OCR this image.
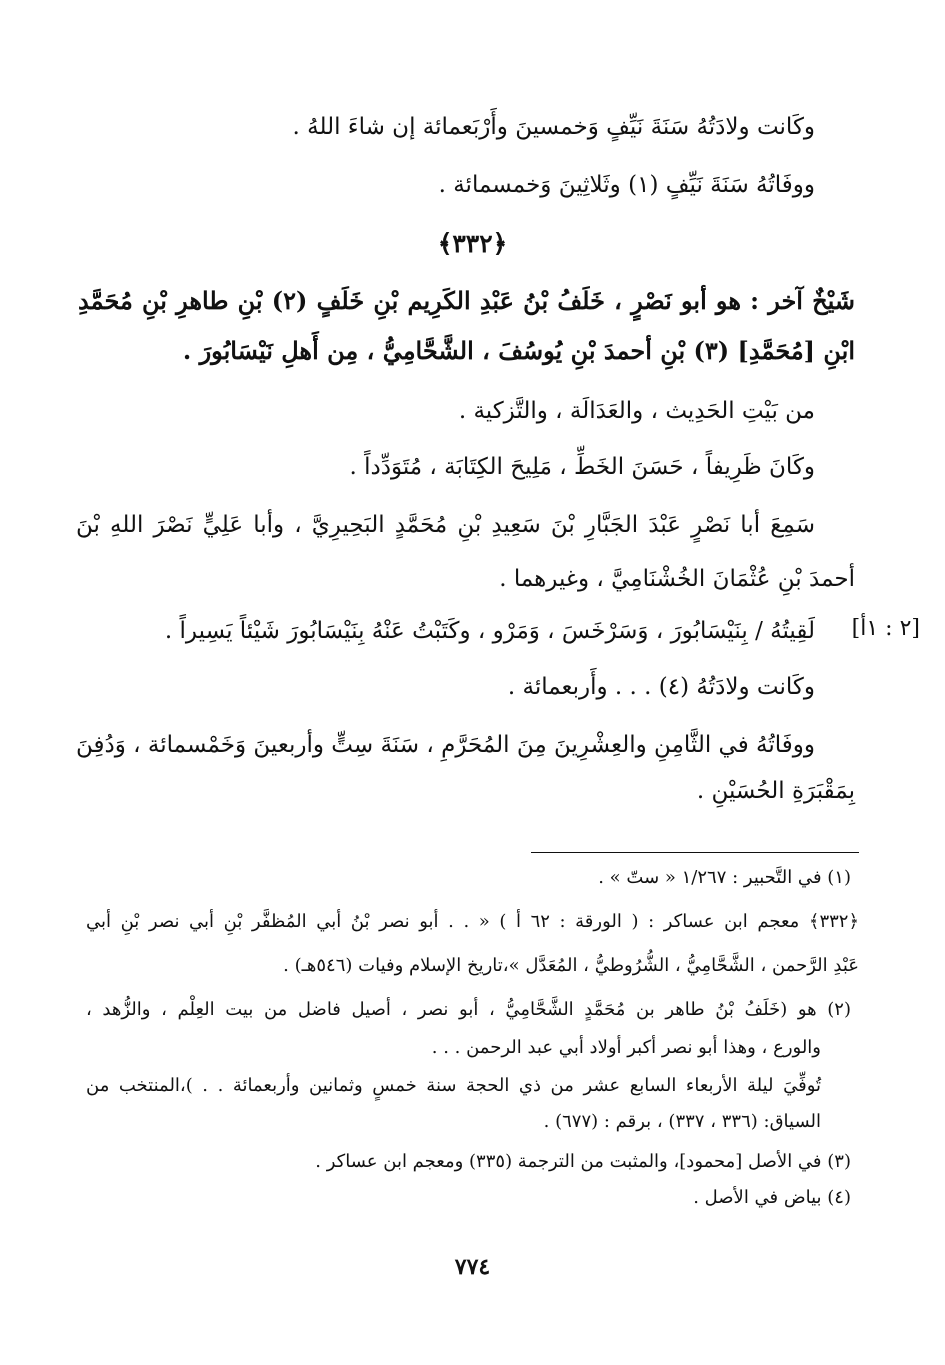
وكَانت ولادَتُهُ سَنَةَ نَيِّفٍ وَخمسينَ وأَرْبَعمائة إن شاءَ اللهُ .
ووفَاتُهُ سَنَةَ نَيِّفٍ (١) وثَلاثِينَ وَخمسمائة .
﴿٣٣٢﴾
شَيْخٌ آخر : هو أبو نَصْرٍ ، خَلَفُ بْنُ عَبْدِ الكَرِيم بْنِ خَلَفٍ (٢) بْنِ طاهرِ بْنِ مُحَمَّدِ
ابْنِ [مُحَمَّدِ] (٣) بْنِ أحمدَ بْنِ يُوسُفَ ، الشَّحَّامِيُّ ، مِن أَهلِ نَيْسَابُورَ .
من بَيْتِ الحَدِيث ، والعَدَالَة ، والتَّزكية .
وكَانَ ظَرِيفاً ، حَسَنَ الخَطِّ ، مَلِيحَ الكِتَابَة ، مُتَوَدِّداً .
سَمِعَ أبا نَصْرٍ عَبْدَ الجَبَّارِ بْنَ سَعِيدِ بْنِ مُحَمَّدٍ البَحِيرِيَّ ، وأبا عَلِيٍّ نَصْرَ اللهِ بْنَ
أحمدَ بْنِ عُثْمَانَ الخُشْنَامِيَّ ، وغيرهما .
[٢ : ١أ]
لَقِيتُهُ / بِنَيْسَابُورَ ، وَسَرْخَسَ ، وَمَرْو ، وكَتَبْتُ عَنْهُ بِنَيْسَابُورَ شَيْئاً يَسِيراً .
وكَانت ولادَتُهُ (٤) . . . وأَربعمائة .
ووفَاتُهُ في الثَّامِنِ والعِشْرِينَ مِنَ المُحَرَّمِ ، سَنَةَ سِتٍّ وأربعينَ وَخَمْسمائة ، وَدُفِنَ
بِمَقْبَرَةِ الحُسَيْنِ .
(١) في التَّحبير : ١/٢٦٧ « ستّ » .
﴿٣٣٢﴾ معجم ابن عساكر : ( الورقة : ٦٢ أ ) « . . أبو نصر بْنُ أبي المُظفَّر بْنِ أبي نصر بْنِ أبي
عَبْدِ الرَّحمن ، الشَّحَّامِيُّ ، الشُّرُوطيُّ ، المُعَدَّل »،تاريخ الإسلام وفيات (٥٤٦هـ) .
(٢) هو (خَلَفُ بْنُ طاهر بن مُحَمَّدٍ الشَّحَّامِيُّ ، أبو نصر ، أصيل فاضل من بيت العِلْم ، والزُّهد ،
والورع ، وهذا أبو نصر أكبر أولاد أبي عبد الرحمن . . .
تُوفِّيَ ليلة الأربعاء السابع عشر من ذي الحجة سنة خمسٍ وثمانين وأربعمائة . . )،المنتخب من
السياق: (٣٣٦ ، ٣٣٧) ، برقم : (٦٧٧) .
(٣) في الأصل [محمود]، والمثبت من الترجمة (٣٣٥) ومعجم ابن عساكر .
(٤) بياض في الأصل .
٧٧٤
